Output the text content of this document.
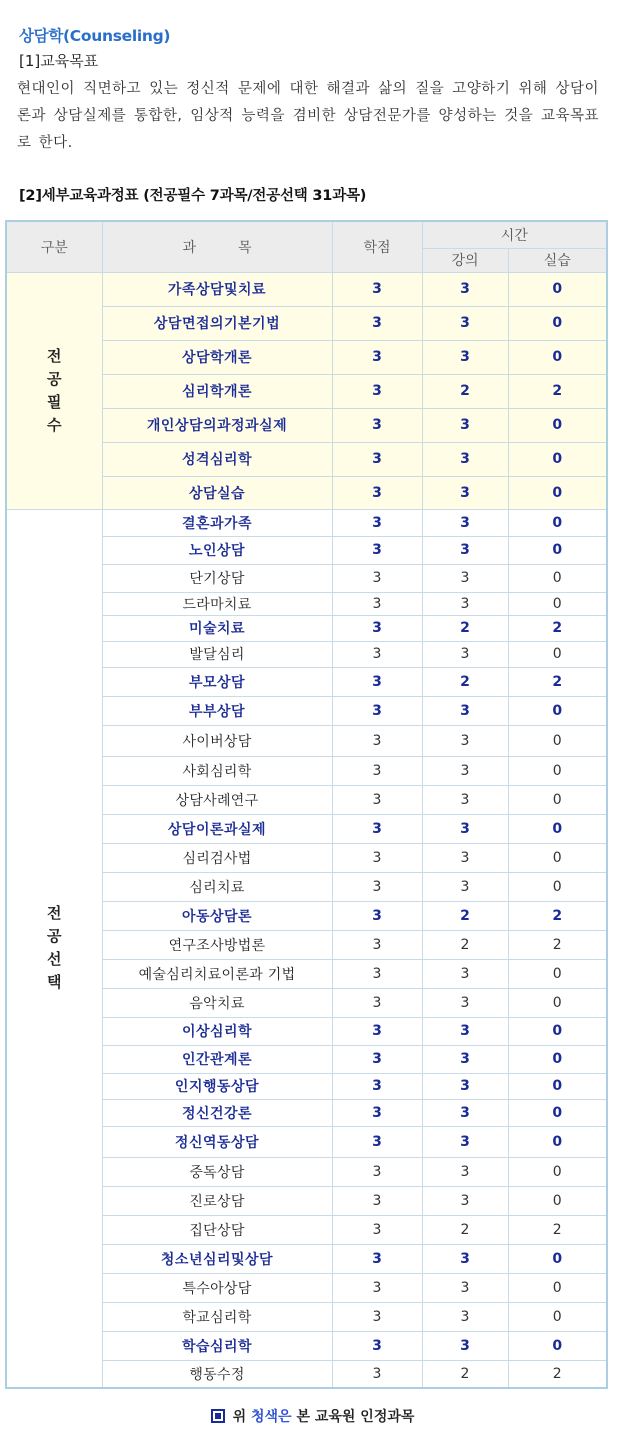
상담학(Counseling)
[1]교육목표
현대인이 직면하고 있는 정신적 문제에 대한 해결과 삶의 질을 고양하기 위해 상담이론과 상담실제를 통합한, 임상적 능력을 겸비한 상담전문가를 양성하는 것을 교육목표로 한다.
[2]세부교육과정표 (전공필수 7과목/전공선택 31과목)
구분	과　　　목	학점	시간	
			강의	실습
전공필수	가족상담및치료	3	3	0
	상담면접의기본기법	3	3	0
	상담학개론	3	3	0
	심리학개론	3	2	2
	개인상담의과정과실제	3	3	0
	성격심리학	3	3	0
	상담실습	3	3	0
전공선택	결혼과가족	3	3	0
	노인상담	3	3	0
	단기상담	3	3	0
	드라마치료	3	3	0
	미술치료	3	2	2
	발달심리	3	3	0
	부모상담	3	2	2
	부부상담	3	3	0
	사이버상담	3	3	0
	사회심리학	3	3	0
	상담사례연구	3	3	0
	상담이론과실제	3	3	0
	심리검사법	3	3	0
	심리치료	3	3	0
	아동상담론	3	2	2
	연구조사방법론	3	2	2
	예술심리치료이론과 기법	3	3	0
	음악치료	3	3	0
	이상심리학	3	3	0
	인간관계론	3	3	0
	인지행동상담	3	3	0
	정신건강론	3	3	0
	정신역동상담	3	3	0
	중독상담	3	3	0
	진로상담	3	3	0
	집단상담	3	2	2
	청소년심리및상담	3	3	0
	특수아상담	3	3	0
	학교심리학	3	3	0
	학습심리학	3	3	0
	행동수정	3	2	2
위 청색은 본 교육원 인정과목
